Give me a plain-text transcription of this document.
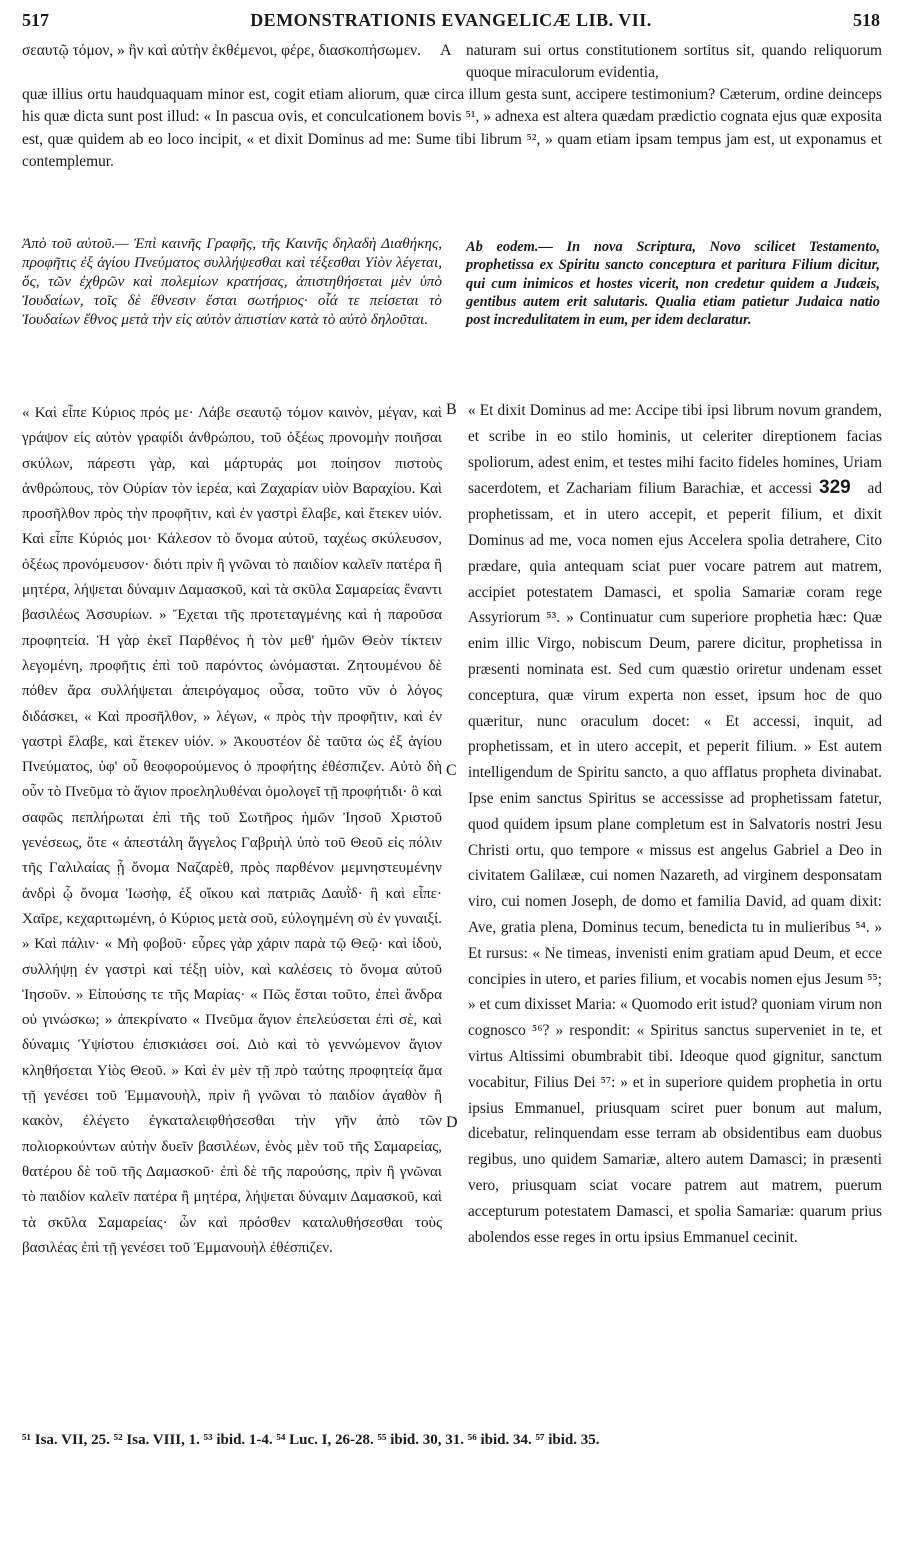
517	DEMONSTRATIONIS EVANGELICÆ LIB. VII.	518
σεαυτῷ τόμον, » ἣν καὶ αὐτὴν ἐκθέμενοι, φέρε, διασκοπήσωμεν.	A naturam sui ortus constitutionem sortitus sit, quando reliquorum quoque miraculorum evidentia,
quæ illius ortu haudquaquam minor est, cogit etiam aliorum, quæ circa illum gesta sunt, accipere testimonium? Cæterum, ordine deinceps his quæ dicta sunt post illud: « In pascua ovis, et conculcationem bovis ⁵¹, » adnexa est altera quædam prædictio cognata ejus quæ exposita est, quæ quidem ab eo loco incipit, « et dixit Dominus ad me: Sume tibi librum ⁵², » quam etiam ipsam tempus jam est, ut exponamus et contemplemur.
Ἀπὸ τοῦ αὐτοῦ.— Ἐπὶ καινῆς Γραφῆς, τῆς Καινῆς δηλαδὴ Διαθήκης, προφῆτις ἐξ ἁγίου Πνεύματος συλλήψεσθαι καὶ τέξεσθαι Υἱὸν λέγεται, ὅς, τῶν ἐχθρῶν καὶ πολεμίων κρατήσας, ἀπιστηθήσεται μὲν ὑπὸ Ἰουδαίων, τοῖς δὲ ἔθνεσιν ἔσται σωτήριος· οἷά τε πείσεται τὸ Ἰουδαίων ἔθνος μετὰ τὴν εἰς αὐτὸν ἀπιστίαν κατὰ τὸ αὐτὸ δηλοῦται.
Ab eodem.— In nova Scriptura, Novo scilicet Testamento, prophetissa ex Spiritu sancto conceptura et paritura Filium dicitur, qui cum inimicos et hostes vicerit, non credetur quidem a Judæis, gentibus autem erit salutaris. Qualia etiam patietur Judaica natio post incredulitatem in eum, per idem declaratur.

« Καὶ εἶπε Κύριος πρός με· Λάβε σεαυτῷ τόμον καινὸν, μέγαν, καὶ γράψον εἰς αὐτὸν γραφίδι ἀνθρώπου, τοῦ ὀξέως προνομὴν ποιῆσαι σκύλων, πάρεστι γὰρ, καὶ μάρτυράς μοι ποίησον πιστοὺς ἀνθρώπους, τὸν Οὐρίαν τὸν ἱερέα, καὶ Ζαχαρίαν υἱὸν Βαραχίου. Καὶ προσῆλθον πρὸς τὴν προφῆτιν, καὶ ἐν γαστρὶ ἔλαβε, καὶ ἔτεκεν υἱόν. Καὶ εἶπε Κύριός μοι· Κάλεσον τὸ ὄνομα αὐτοῦ, ταχέως σκύλευσον, ὀξέως προνόμευσον· διότι πρὶν ἢ γνῶναι τὸ παιδίον καλεῖν πατέρα ἢ μητέρα, λήψεται δύναμιν Δαμασκοῦ, καὶ τὰ σκῦλα Σαμαρείας ἔναντι βασιλέως Ἀσσυρίων. » Ἔχεται τῆς προτεταγμένης καὶ ἡ παροῦσα προφητεία. Ἡ γὰρ ἐκεῖ Παρθένος ἡ τὸν μεθ' ἡμῶν Θεὸν τίκτειν λεγομένη, προφῆτις ἐπὶ τοῦ παρόντος ὠνόμασται. Ζητουμένου δὲ πόθεν ἄρα συλλήψεται ἀπειρόγαμος οὖσα, τοῦτο νῦν ὁ λόγος διδάσκει, « Καὶ προσῆλθον, » λέγων, « πρὸς τὴν προφῆτιν, καὶ ἐν γαστρὶ ἔλαβε, καὶ ἔτεκεν υἱόν. » Ἀκουστέον δὲ ταῦτα ὡς ἐξ ἁγίου Πνεύματος, ὑφ' οὗ θεοφορούμενος ὁ προφήτης ἐθέσπιζεν. Αὐτὸ δὴ οὖν τὸ Πνεῦμα τὸ ἅγιον προεληλυθέναι ὁμολογεῖ τῇ προφήτιδι· ὃ καὶ σαφῶς πεπλήρωται ἐπὶ τῆς τοῦ Σωτῆρος ἡμῶν Ἰησοῦ Χριστοῦ γενέσεως, ὅτε « ἀπεστάλη ἄγγελος Γαβριὴλ ὑπὸ τοῦ Θεοῦ εἰς πόλιν τῆς Γαλιλαίας ᾗ ὄνομα Ναζαρὲθ, πρὸς παρθένον μεμνηστευμένην ἀνδρὶ ᾧ ὄνομα Ἰωσὴφ, ἐξ οἴκου καὶ πατριᾶς Δαυῒδ· ἣ καὶ εἶπε· Χαῖρε, κεχαριτωμένη, ὁ Κύριος μετὰ σοῦ, εὐλογημένη σὺ ἐν γυναιξί. » Καὶ πάλιν· « Μὴ φοβοῦ· εὗρες γὰρ χάριν παρὰ τῷ Θεῷ· καὶ ἰδοὺ, συλλήψῃ ἐν γαστρὶ καὶ τέξῃ υἱὸν, καὶ καλέσεις τὸ ὄνομα αὐτοῦ Ἰησοῦν. » Εἰπούσης τε τῆς Μαρίας· « Πῶς ἔσται τοῦτο, ἐπεὶ ἄνδρα οὐ γινώσκω; » ἀπεκρίνατο « Πνεῦμα ἅγιον ἐπελεύσεται ἐπὶ σὲ, καὶ δύναμις Ὑψίστου ἐπισκιάσει σοί. Διὸ καὶ τὸ γεννώμενον ἅγιον κληθήσεται Υἱὸς Θεοῦ. » Καὶ ἐν μὲν τῇ πρὸ ταύτης προφητείᾳ ἅμα τῇ γενέσει τοῦ Ἐμμανουὴλ, πρὶν ἢ γνῶναι τὸ παιδίον ἀγαθὸν ἢ κακὸν, ἐλέγετο ἐγκαταλειφθήσεσθαι τὴν γῆν ἀπὸ τῶν πολιορκούντων αὐτὴν δυεῖν βασιλέων, ἑνὸς μὲν τοῦ τῆς Σαμαρείας, θατέρου δὲ τοῦ τῆς Δαμασκοῦ· ἐπὶ δὲ τῆς παρούσης, πρὶν ἢ γνῶναι τὸ παιδίον καλεῖν πατέρα ἢ μητέρα, λήψεται δύναμιν Δαμασκοῦ, καὶ τὰ σκῦλα Σαμαρείας· ὧν καὶ πρόσθεν καταλυθήσεσθαι τοὺς βασιλέας ἐπὶ τῇ γενέσει τοῦ Ἐμμανουὴλ ἐθέσπιζεν.

B
C
D

« Et dixit Dominus ad me: Accipe tibi ipsi librum novum grandem, et scribe in eo stilo hominis, ut celeriter direptionem facias spoliorum, adest enim, et testes mihi facito fideles homines, Uriam sacerdotem, et Zachariam filium Barachiæ, et accessi 329 ad prophetissam, et in utero accepit, et peperit filium, et dixit Dominus ad me, voca nomen ejus Accelera spolia detrahere, Cito prædare, quia antequam sciat puer vocare patrem aut matrem, accipiet potestatem Damasci, et spolia Samariæ coram rege Assyriorum ⁵³. » Continuatur cum superiore prophetia hæc: Quæ enim illic Virgo, nobiscum Deum, parere dicitur, prophetissa in præsenti nominata est. Sed cum quæstio oriretur undenam esset conceptura, quæ virum experta non esset, ipsum hoc de quo quæritur, nunc oraculum docet: « Et accessi, inquit, ad prophetissam, et in utero accepit, et peperit filium. » Est autem intelligendum de Spiritu sancto, a quo afflatus propheta divinabat. Ipse enim sanctus Spiritus se accessisse ad prophetissam fatetur, quod quidem ipsum plane completum est in Salvatoris nostri Jesu Christi ortu, quo tempore « missus est angelus Gabriel a Deo in civitatem Galilææ, cui nomen Nazareth, ad virginem desponsatam viro, cui nomen Joseph, de domo et familia David, ad quam dixit: Ave, gratia plena, Dominus tecum, benedicta tu in mulieribus ⁵⁴. » Et rursus: « Ne timeas, invenisti enim gratiam apud Deum, et ecce concipies in utero, et paries filium, et vocabis nomen ejus Jesum ⁵⁵; » et cum dixisset Maria: « Quomodo erit istud? quoniam virum non cognosco ⁵⁶? » respondit: « Spiritus sanctus superveniet in te, et virtus Altissimi obumbrabit tibi. Ideoque quod gignitur, sanctum vocabitur, Filius Dei ⁵⁷: » et in superiore quidem prophetia in ortu ipsius Emmanuel, priusquam sciret puer bonum aut malum, dicebatur, relinquendam esse terram ab obsidentibus eam duobus regibus, uno quidem Samariæ, altero autem Damasci; in præsenti vero, priusquam sciat vocare patrem aut matrem, puerum accepturum potestatem Damasci, et spolia Samariæ: quarum prius abolendos esse reges in ortu ipsius Emmanuel cecinit.

⁵¹ Isa. VII, 25. ⁵² Isa. VIII, 1. ⁵³ ibid. 1-4. ⁵⁴ Luc. I, 26-28. ⁵⁵ ibid. 30, 31. ⁵⁶ ibid. 34. ⁵⁷ ibid. 35.
